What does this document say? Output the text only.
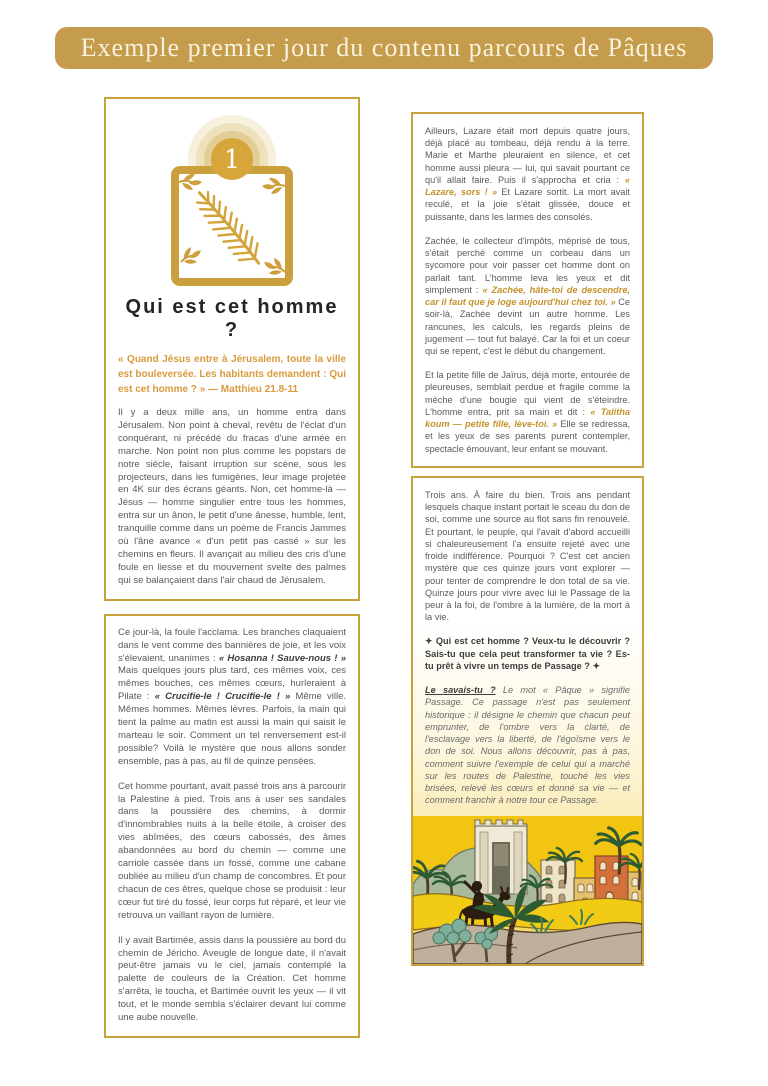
Exemple premier jour du contenu parcours de Pâques
1
Qui est cet homme ?

« Quand Jésus entre à Jérusalem, toute la ville est bouleversée. Les habitants demandent : Qui est cet homme ? » — Matthieu 21.8-11

Il y a deux mille ans, un homme entra dans Jérusalem. Non point à cheval, revêtu de l'éclat d'un conquérant, ni précédé du fracas d'une armée en marche. Non point non plus comme les popstars de notre siècle, faisant irruption sur scène, sous les projecteurs, dans les fumigènes, leur image projetée en 4K sur des écrans géants. Non, cet homme-là —Jésus — homme singulier entre tous les hommes, entra sur un ânon, le petit d'une ânesse, humble, lent, tranquille comme dans un poème de Francis Jammes où l'âne avance « d'un petit pas cassé » sur les chemins en fleurs. Il avançait au milieu des cris d'une foule en liesse et du mouvement svelte des palmes qui se balançaient dans l'air chaud de Jérusalem.

Ce jour-là, la foule l'acclama. Les branches claquaient dans le vent comme des bannières de joie, et les voix s'élevaient, unanimes : « Hosanna ! Sauve-nous ! » Mais quelques jours plus tard, ces mêmes voix, ces mêmes bouches, ces mêmes cœurs, hurleraient à Pilate : « Crucifie-le ! Crucifie-le ! » Même ville. Mêmes hommes. Mêmes lèvres. Parfois, la main qui tient la palme au matin est aussi la main qui saisit le marteau le soir. Comment un tel renversement est-il possible? Voilà le mystère que nous allons sonder ensemble, pas à pas, au fil de quinze pensées.

Cet homme pourtant, avait passé trois ans à parcourir la Palestine à pied. Trois ans à user ses sandales dans la poussière des chemins, à dormir d'innombrables nuits à la belle étoile, à croiser des vies abîmées, des cœurs cabossés, des âmes abandonnées au bord du chemin — comme une carriole cassée dans un fossé, comme une cabane oubliée au milieu d'un champ de concombres. Et pour chacun de ces êtres, quelque chose se produisit : leur cœur fut tiré du fossé, leur corps fut réparé, et leur vie retrouva un vaillant rayon de lumière.

Il y avait Bartimée, assis dans la poussière au bord du chemin de Jéricho. Aveugle de longue date, il n'avait peut-être jamais vu le ciel, jamais contemplé la palette de couleurs de la Création. Cet homme s'arrêta, le toucha, et Bartimée ouvrit les yeux — il vit tout, et le monde sembla s'éclairer devant lui comme une aube nouvelle.

Ailleurs, Lazare était mort depuis quatre jours, déjà placé au tombeau, déjà rendu à la terre. Marie et Marthe pleuraient en silence, et cet homme aussi pleura — lui, qui savait pourtant ce qu'il allait faire. Puis il s'approcha et cria : « Lazare, sors ! » Et Lazare sortit. La mort avait reculé, et la joie s'était glissée, douce et puissante, dans les larmes des consolés.

Zachée, le collecteur d'impôts, méprisé de tous, s'était perché comme un corbeau dans un sycomore pour voir passer cet homme dont on parlait tant. L'homme leva les yeux et dit simplement : « Zachée, hâte-toi de descendre, car il faut que je loge aujourd'hui chez toi. » Ce soir-là, Zachée devint un autre homme. Les rancunes, les calculs, les regards pleins de jugement — tout fut balayé. Car la foi et un coeur qui se repent, c'est le début du changement.

Et la petite fille de Jaïrus, déjà morte, entourée de pleureuses, semblait perdue et fragile comme la mèche d'une bougie qui vient de s'éteindre. L'homme entra, prit sa main et dit : « Talitha koum — petite fille, lève-toi. » Elle se redressa, et les yeux de ses parents purent contempler, spectacle émouvant, leur enfant se mouvant.

Trois ans. À faire du bien. Trois ans pendant lesquels chaque instant portait le sceau du don de soi, comme une source au flot sans fin renouvelé. Et pourtant, le peuple, qui l'avait d'abord accueilli si chaleureusement l'a ensuite rejeté avec une froide indifférence. Pourquoi ? C'est cet ancien mystère que ces quinze jours vont explorer — pour tenter de comprendre le don total de sa vie. Quinze jours pour vivre avec lui le Passage de la peur à la foi, de l'ombre à la lumière, de la mort à la vie.

✦ Qui est cet homme ? Veux-tu le découvrir ? Sais-tu que cela peut transformer ta vie ? Es-tu prêt à vivre un temps de Passage ? ✦

Le savais-tu ? Le mot « Pâque » signifie Passage. Ce passage n'est pas seulement historique : il désigne le chemin que chacun peut emprunter, de l'ombre vers la clarté, de l'esclavage vers la liberté, de l'égoïsme vers le don de soi. Nous allons découvrir, pas à pas, comment suivre l'exemple de celui qui a marché sur les routes de Palestine, touché les vies brisées, relevé les cœurs et donné sa vie — et comment franchir à notre tour ce Passage.
